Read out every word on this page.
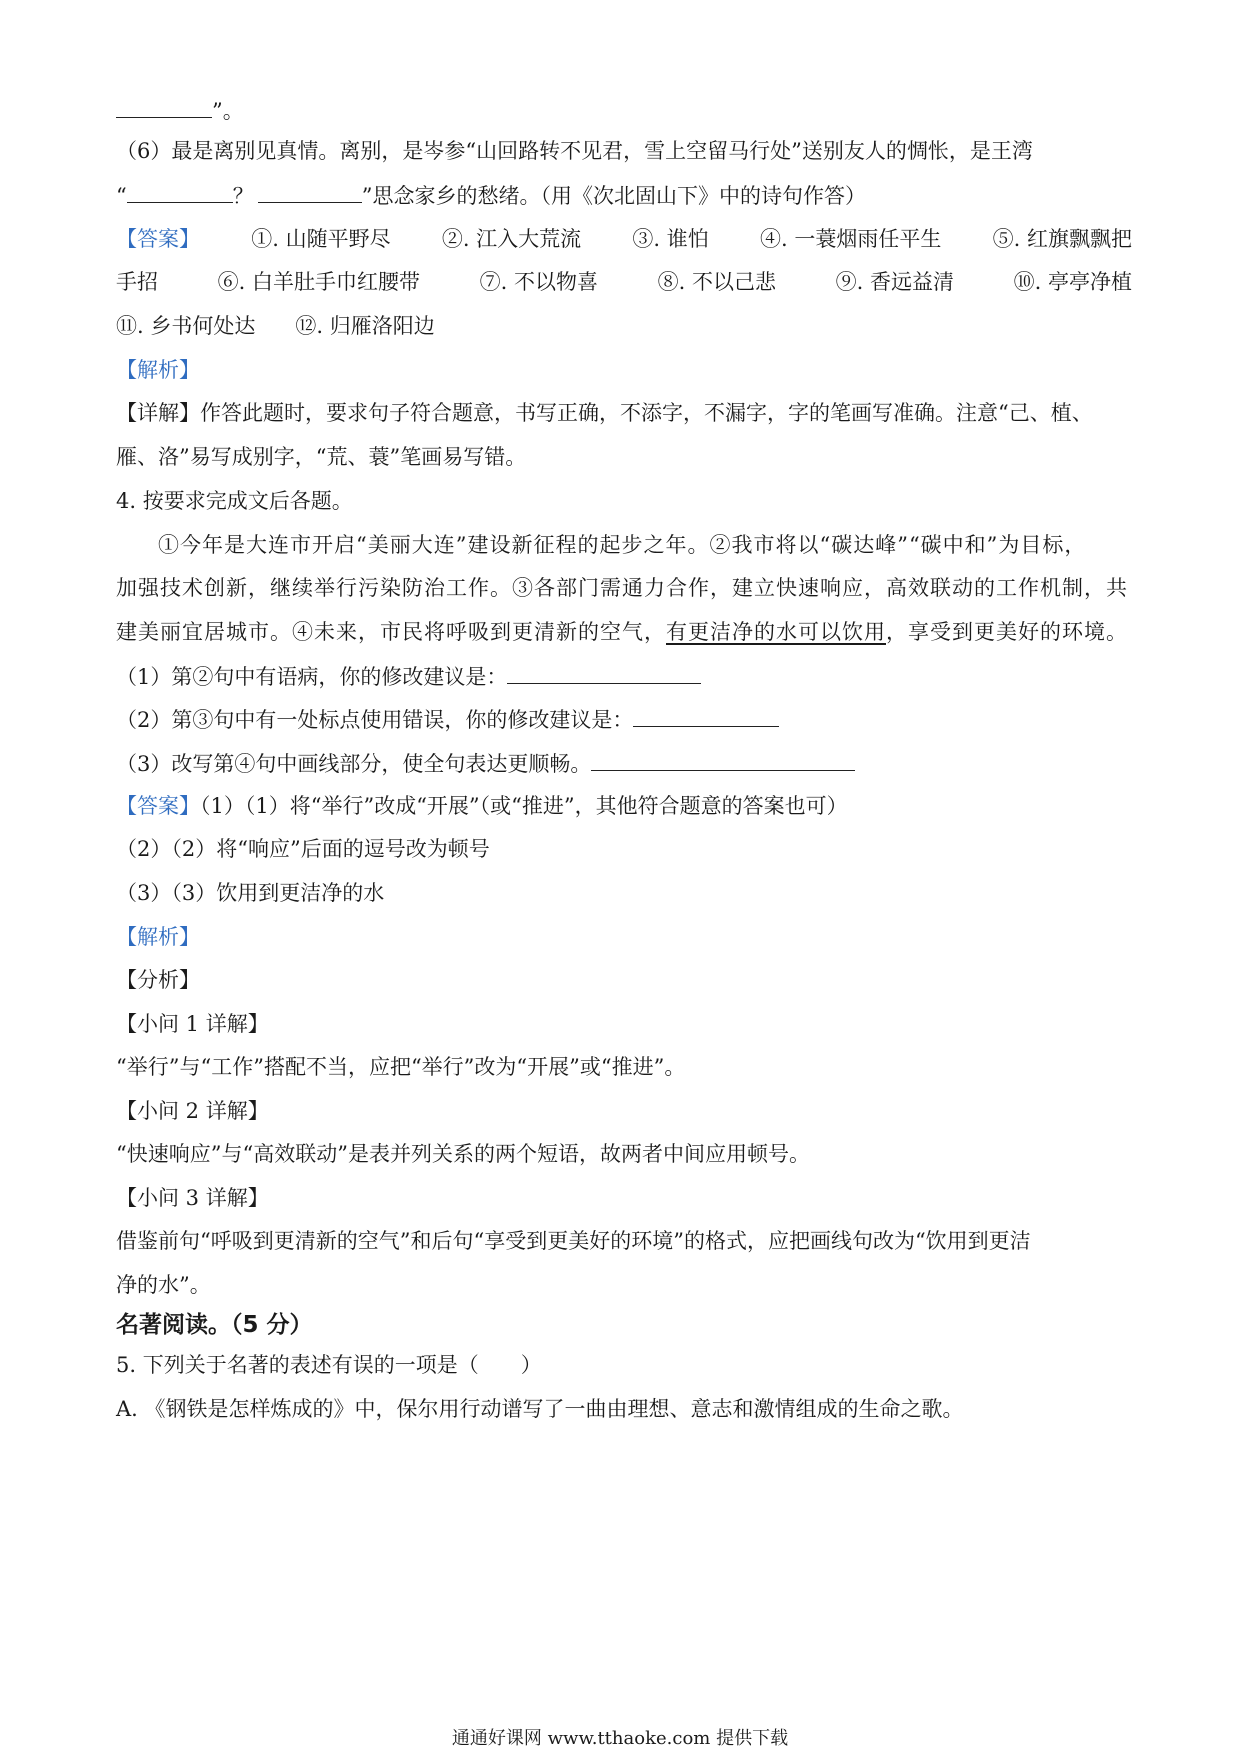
”。
（6）最是离别见真情。离别，是岑参“山回路转不见君，雪上空留马行处”送别友人的惆怅，是王湾
“	？	”思念家乡的愁绪。（用《次北固山下》中的诗句作答）
【答案】 ①. 山随平野尽 ②. 江入大荒流 ③. 谁怕 ④. 一蓑烟雨任平生 ⑤. 红旗飘飘把
手招	⑥. 白羊肚手巾红腰带	⑦. 不以物喜	⑧. 不以己悲	⑨. 香远益清	⑩. 亭亭净植
⑪. 乡书何处达 ⑫. 归雁洛阳边
【解析】
【详解】作答此题时，要求句子符合题意，书写正确，不添字，不漏字，字的笔画写准确。注意“己、植、
雁、洛”易写成别字，“荒、蓑”笔画易写错。
4. 按要求完成文后各题。
①今年是大连市开启“美丽大连”建设新征程的起步之年。②我市将以“碳达峰”“碳中和”为目标，
加强技术创新，继续举行污染防治工作。③各部门需通力合作，建立快速响应，高效联动的工作机制，共
建美丽宜居城市。④未来，市民将呼吸到更清新的空气，有更洁净的水可以饮用，享受到更美好的环境。
（1）第②句中有语病，你的修改建议是：
（2）第③句中有一处标点使用错误，你的修改建议是：
（3）改写第④句中画线部分，使全句表达更顺畅。
【答案】（1）（1）将“举行”改成“开展”（或“推进”，其他符合题意的答案也可）
（2）（2）将“响应”后面的逗号改为顿号
（3）（3）饮用到更洁净的水
【解析】
【分析】
【小问 1 详解】
“举行”与“工作”搭配不当，应把“举行”改为“开展”或“推进”。
【小问 2 详解】
“快速响应”与“高效联动”是表并列关系的两个短语，故两者中间应用顿号。
【小问 3 详解】
借鉴前句“呼吸到更清新的空气”和后句“享受到更美好的环境”的格式，应把画线句改为“饮用到更洁
净的水”。
名著阅读。（5 分）
5. 下列关于名著的表述有误的一项是（　　）
A. 《钢铁是怎样炼成的》中，保尔用行动谱写了一曲由理想、意志和激情组成的生命之歌。
通通好课网 www.tthaoke.com 提供下载
